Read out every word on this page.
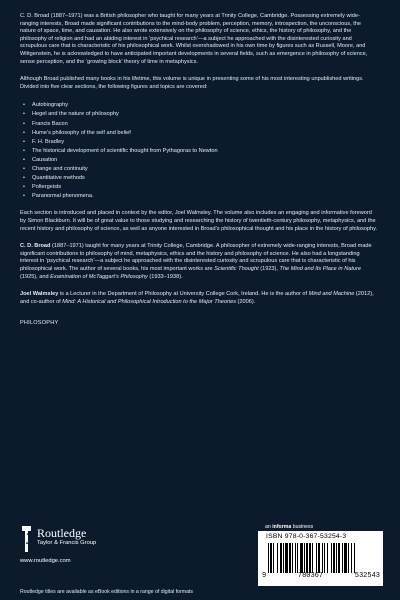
C. D. Broad (1887–1971) was a British philosopher who taught for many years at Trinity College, Cambridge. Possessing extremely wide-ranging interests, Broad made significant contributions to the mind-body problem, perception, memory, introspection, the unconscious, the nature of space, time, and causation. He also wrote extensively on the philosophy of science, ethics, the history of philosophy, and the philosophy of religion and had an abiding interest in ‘psychical research’—a subject he approached with the disinterested curiosity and scrupulous care that is characteristic of his philosophical work. Whilst overshadowed in his own time by figures such as Russell, Moore, and Wittgenstein, he is acknowledged to have anticipated important developments in several fields, such as emergence in philosophy of science, sense perception, and the ‘growing block’ theory of time in metaphysics.

Although Broad published many books in his lifetime, this volume is unique in presenting some of his most interesting unpublished writings. Divided into five clear sections, the following figures and topics are covered:

• Autobiography
• Hegel and the nature of philosophy
• Francis Bacon
• Hume’s philosophy of the self and belief
• F. H. Bradley
• The historical development of scientific thought from Pythagoras to Newton
• Causation
• Change and continuity
• Quantitative methods
• Poltergeists
• Paranormal phenomena.

Each section is introduced and placed in context by the editor, Joel Walmsley. The volume also includes an engaging and informative foreword by Simon Blackburn. It will be of great value to those studying and researching the history of twentieth-century philosophy, metaphysics, and the recent history and philosophy of science, as well as anyone interested in Broad’s philosophical thought and his place in the history of philosophy.

C. D. Broad (1887–1971) taught for many years at Trinity College, Cambridge. A philosopher of extremely wide-ranging interests, Broad made significant contributions to philosophy of mind, metaphysics, ethics and the history and philosophy of science. He also had a longstanding interest in ‘psychical research’—a subject he approached with the disinterested curiosity and scrupulous care that is characteristic of his philosophical work. The author of several books, his most important works are Scientific Thought (1923), The Mind and Its Place in Nature (1925), and Examination of McTaggart’s Philosophy (1933–1938).

Joel Walmsley is a Lecturer in the Department of Philosophy at University College Cork, Ireland. He is the author of Mind and Machine (2012), and co-author of Mind: A Historical and Philosophical Introduction to the Major Theories (2006).

PHILOSOPHY

Routledge
Taylor & Francis Group
www.routledge.com
an informa business
ISBN 978-0-367-53254-3
9	780367	532543
Routledge titles are available as eBook editions in a range of digital formats
